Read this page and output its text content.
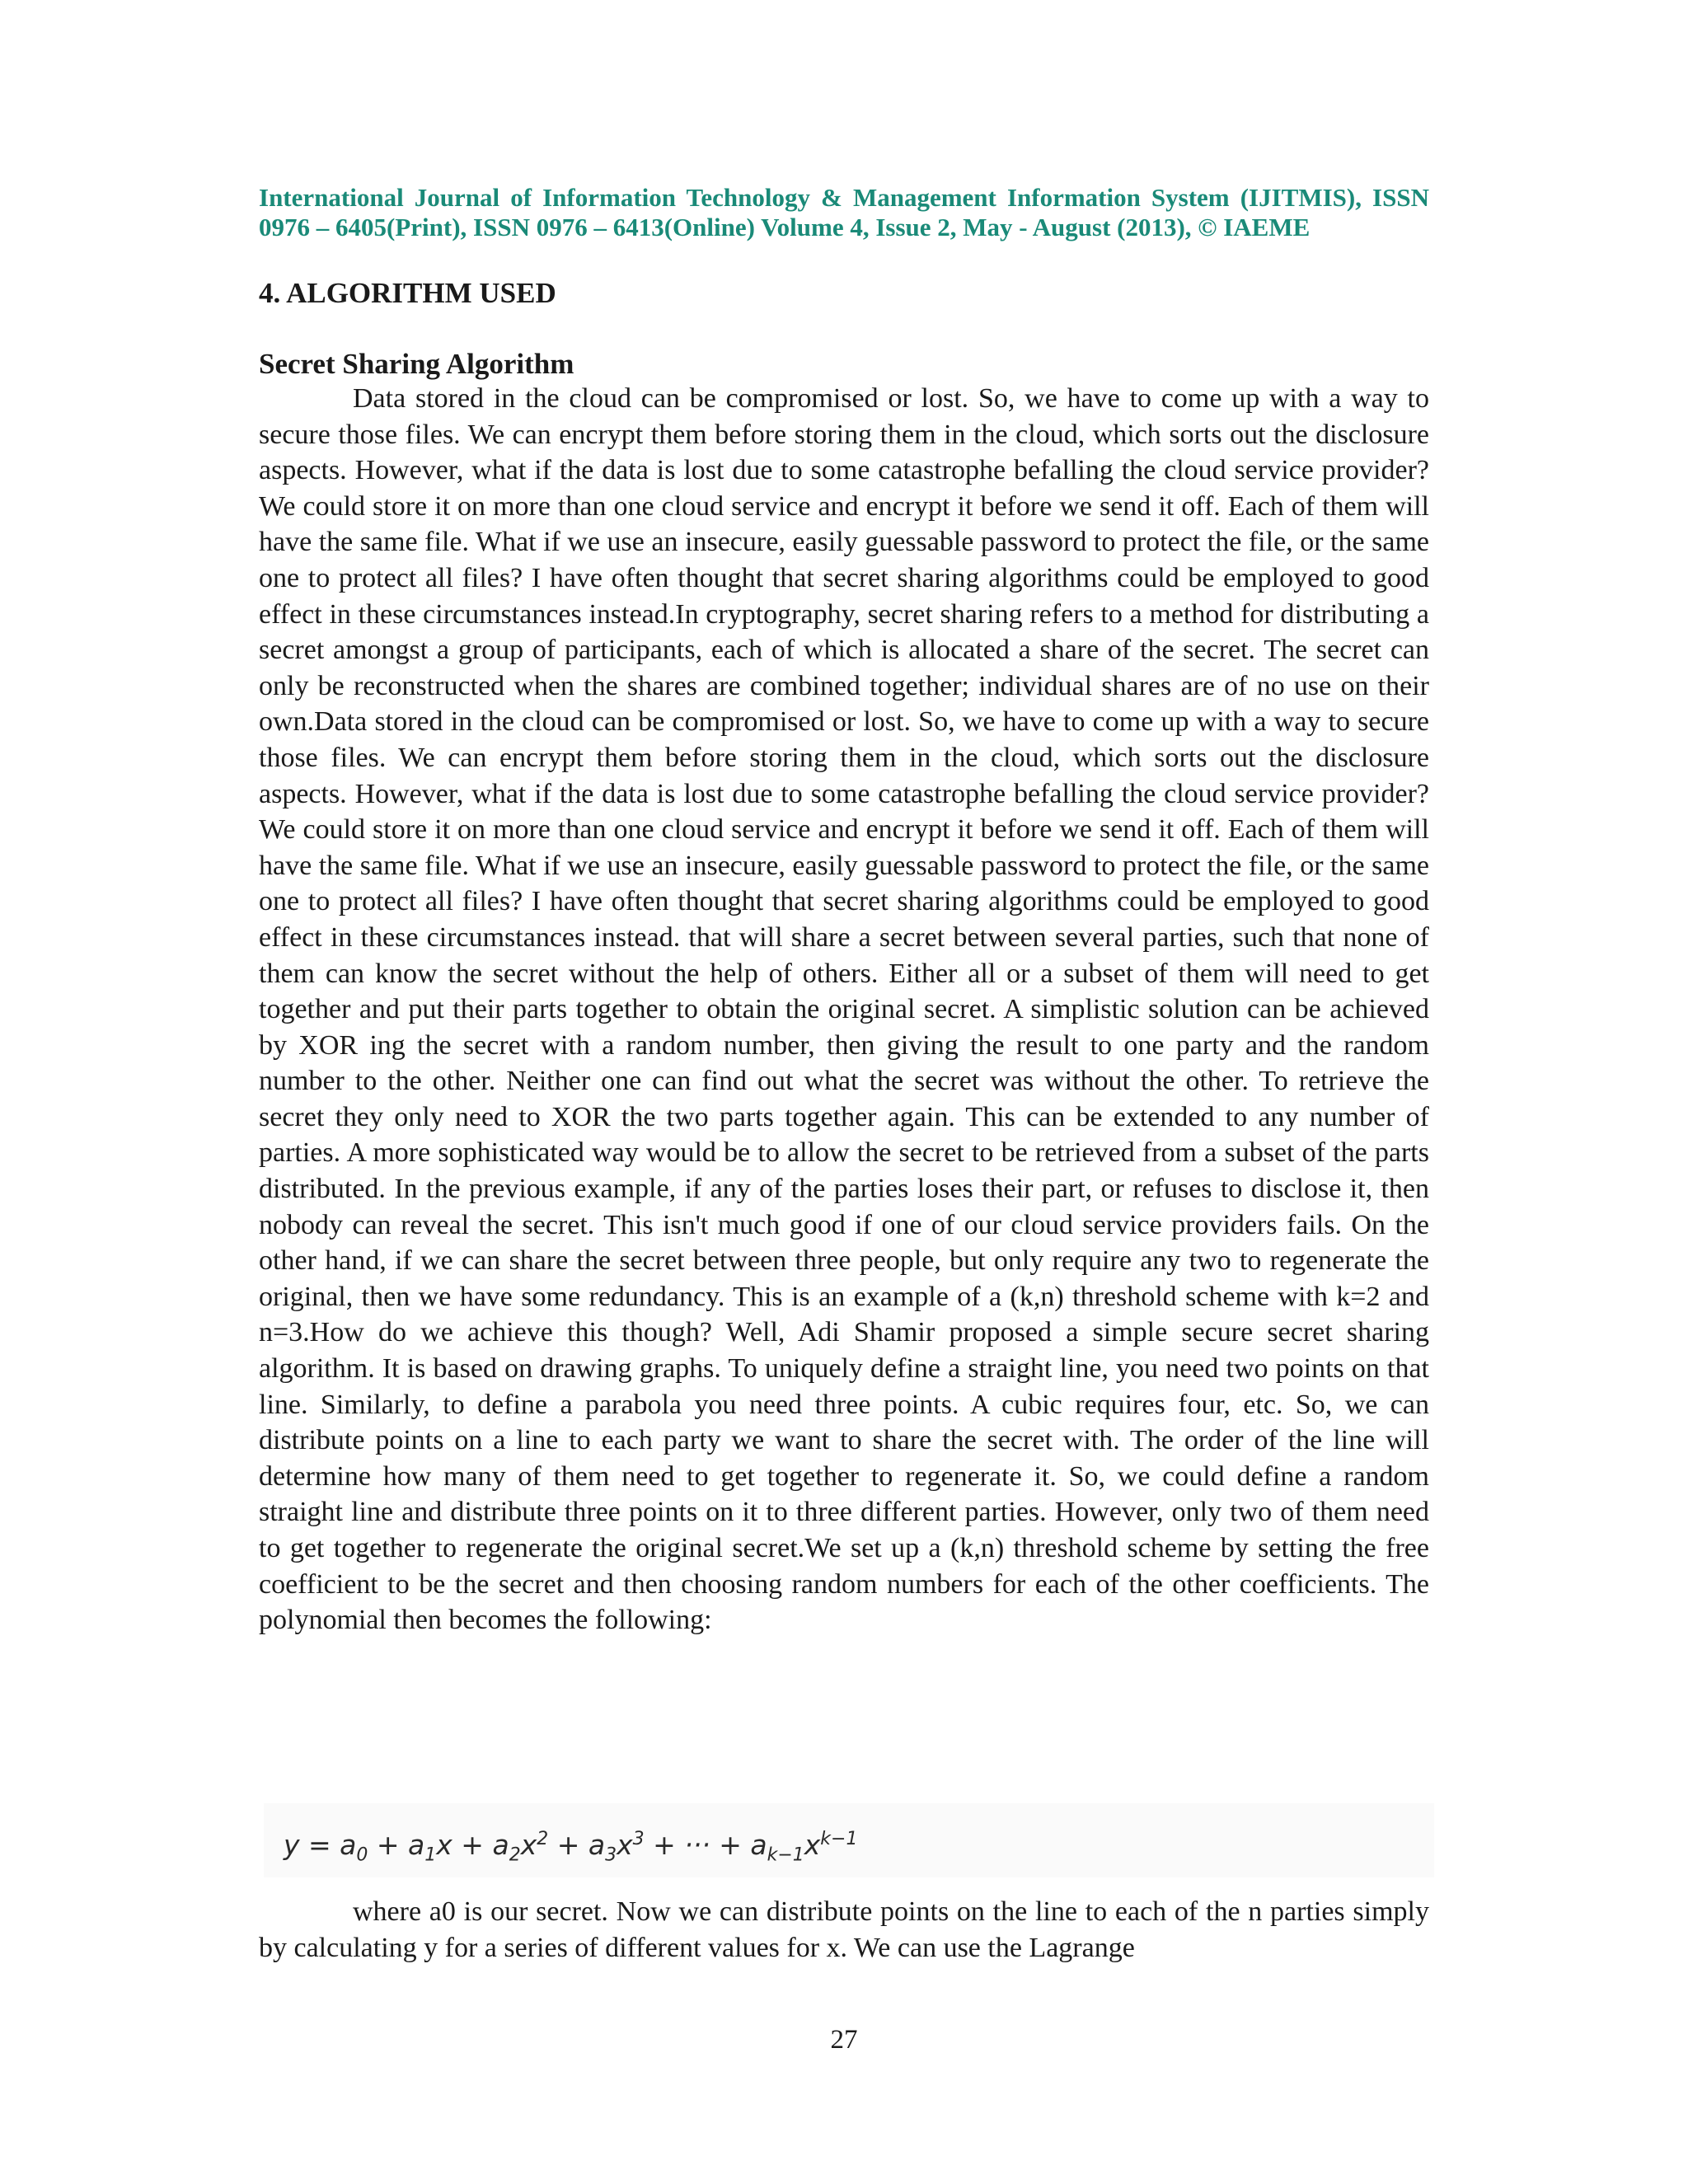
International Journal of Information Technology & Management Information System (IJITMIS), ISSN
0976 – 6405(Print), ISSN 0976 – 6413(Online) Volume 4, Issue 2, May - August (2013), © IAEME
4. ALGORITHM USED
Secret Sharing Algorithm
Data stored in the cloud can be compromised or lost. So, we have to come up with a way to secure those files. We can encrypt them before storing them in the cloud, which sorts out the disclosure aspects. However, what if the data is lost due to some catastrophe befalling the cloud service provider? We could store it on more than one cloud service and encrypt it before we send it off. Each of them will have the same file. What if we use an insecure, easily guessable password to protect the file, or the same one to protect all files? I have often thought that secret sharing algorithms could be employed to good effect in these circumstances instead.In cryptography, secret sharing refers to a method for distributing a secret amongst a group of participants, each of which is allocated a share of the secret. The secret can only be reconstructed when the shares are combined together; individual shares are of no use on their own.Data stored in the cloud can be compromised or lost. So, we have to come up with a way to secure those files. We can encrypt them before storing them in the cloud, which sorts out the disclosure aspects. However, what if the data is lost due to some catastrophe befalling the cloud service provider? We could store it on more than one cloud service and encrypt it before we send it off. Each of them will have the same file. What if we use an insecure, easily guessable password to protect the file, or the same one to protect all files? I have often thought that secret sharing algorithms could be employed to good effect in these circumstances instead. that will share a secret between several parties, such that none of them can know the secret without the help of others. Either all or a subset of them will need to get together and put their parts together to obtain the original secret. A simplistic solution can be achieved by XOR ing the secret with a random number, then giving the result to one party and the random number to the other. Neither one can find out what the secret was without the other. To retrieve the secret they only need to XOR the two parts together again. This can be extended to any number of parties. A more sophisticated way would be to allow the secret to be retrieved from a subset of the parts distributed. In the previous example, if any of the parties loses their part, or refuses to disclose it, then nobody can reveal the secret. This isn't much good if one of our cloud service providers fails. On the other hand, if we can share the secret between three people, but only require any two to regenerate the original, then we have some redundancy. This is an example of a (k,n) threshold scheme with k=2 and n=3.How do we achieve this though? Well, Adi Shamir proposed a simple secure secret sharing algorithm. It is based on drawing graphs. To uniquely define a straight line, you need two points on that line. Similarly, to define a parabola you need three points. A cubic requires four, etc. So, we can distribute points on a line to each party we want to share the secret with. The order of the line will determine how many of them need to get together to regenerate it. So, we could define a random straight line and distribute three points on it to three different parties. However, only two of them need to get together to regenerate the original secret.We set up a (k,n) threshold scheme by setting the free coefficient to be the secret and then choosing random numbers for each of the other coefficients. The polynomial then becomes the following:
$y = a_0 + a_1x + a_2x^2 + a_3x^3$ + ··· + $a_{k-1}x^{k-1}$
where a0 is our secret. Now we can distribute points on the line to each of the n parties simply by calculating y for a series of different values for x. We can use the Lagrange
27
